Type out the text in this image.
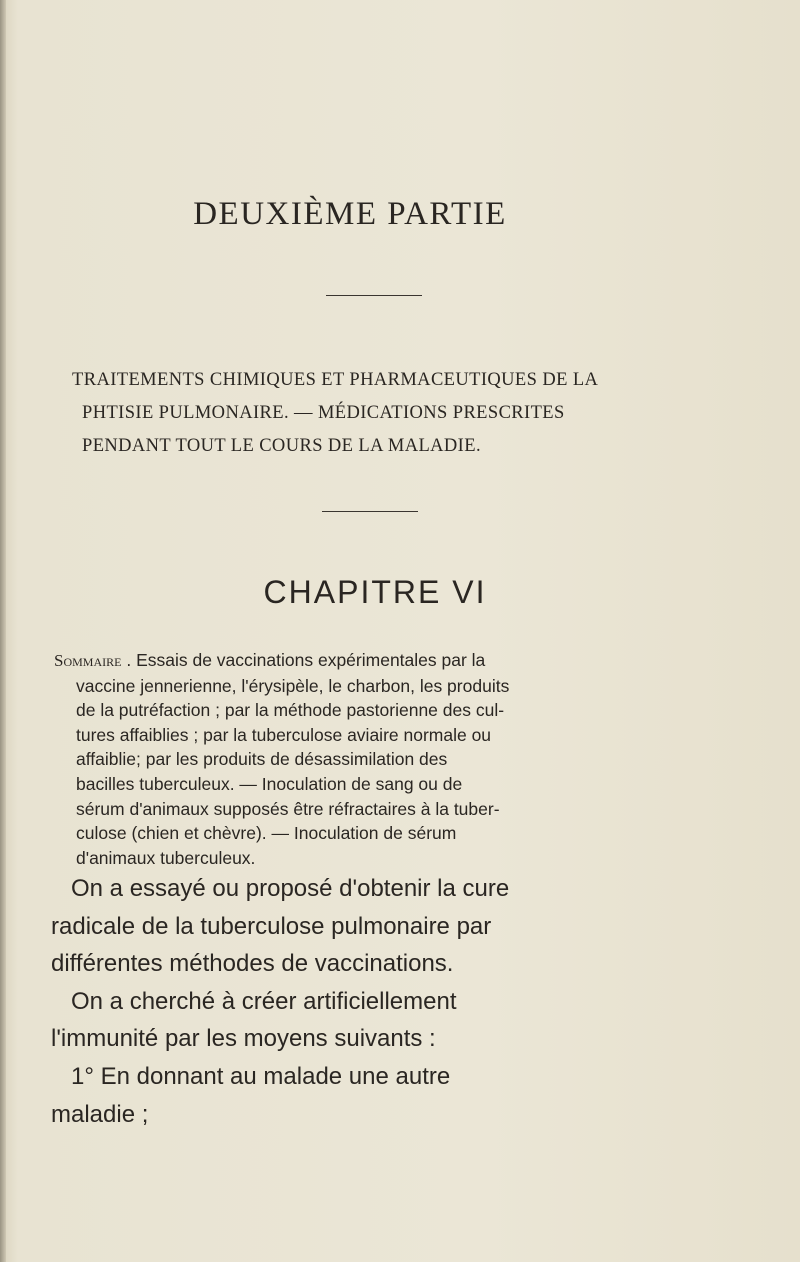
DEUXIÈME PARTIE

TRAITEMENTS CHIMIQUES ET PHARMACEUTIQUES DE LA
PHTISIE PULMONAIRE. — MÉDICATIONS PRESCRITES
PENDANT TOUT LE COURS DE LA MALADIE.

CHAPITRE VI

Sommaire . Essais de vaccinations expérimentales par la
vaccine jennerienne, l'érysipèle, le charbon, les produits
de la putréfaction ; par la méthode pastorienne des cul-
tures affaiblies ; par la tuberculose aviaire normale ou
affaiblie; par les produits de désassimilation des
bacilles tuberculeux. — Inoculation de sang ou de
sérum d'animaux supposés être réfractaires à la tuber-
culose (chien et chèvre). — Inoculation de sérum
d'animaux tuberculeux.

On a essayé ou proposé d'obtenir la cure
radicale de la tuberculose pulmonaire par
différentes méthodes de vaccinations.
On a cherché à créer artificiellement
l'immunité par les moyens suivants :
1° En donnant au malade une autre
maladie ;
